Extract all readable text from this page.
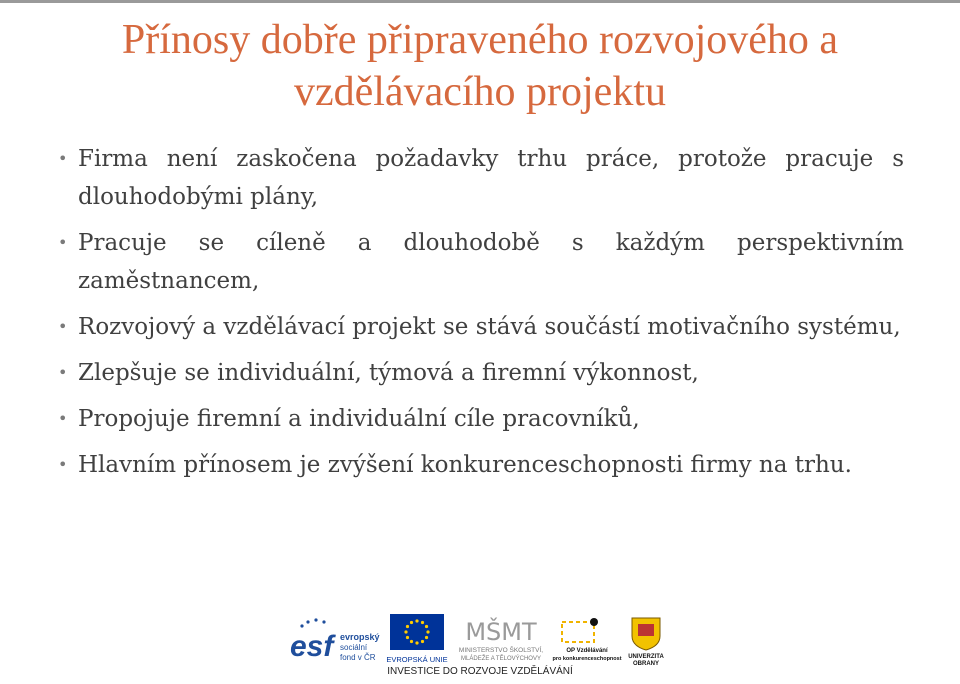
Přínosy dobře připraveného rozvojového a vzdělávacího projektu
• Firma není zaskočena požadavky trhu práce, protože pracuje s dlouhodobými plány,
• Pracuje se cíleně a dlouhodobě s každým perspektivním zaměstnancem,
• Rozvojový a vzdělávací projekt se stává součástí motivačního systému,
• Zlepšuje se individuální, týmová a firemní výkonnost,
• Propojuje firemní a individuální cíle pracovníků,
• Hlavním přínosem je zvýšení konkurenceschopnosti firmy na trhu.
esf evropský
sociální
fond v ČR EVROPSKÁ UNIE
MŠMT
MINISTERSTVO ŠKOLSTVÍ,
MLÁDEŽE A TĚLOVÝCHOVY
OP Vzdělávání
pro konkurenceschopnost UNIVERZITA
OBRANY
INVESTICE DO ROZVOJE VZDĚLÁVÁNÍ
